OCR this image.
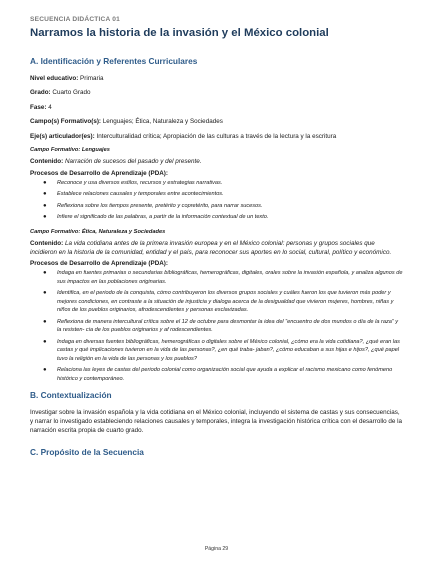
SECUENCIA DIDÁCTICA 01
Narramos la historia de la invasión y el México colonial
A. Identificación y Referentes Curriculares
Nivel educativo: Primaria
Grado: Cuarto Grado
Fase: 4
Campo(s) Formativo(s): Lenguajes; Ética, Naturaleza y Sociedades
Eje(s) articulador(es): Interculturalidad crítica; Apropiación de las culturas a través de la lectura y la escritura
Campo Formativo: Lenguajes
Contenido: Narración de sucesos del pasado y del presente.
Procesos de Desarrollo de Aprendizaje (PDA):
● Reconoce y usa diversos estilos, recursos y estrategias narrativas.
● Establece relaciones causales y temporales entre acontecimientos.
● Reflexiona sobre los tiempos presente, pretérito y copretérito, para narrar sucesos.
● Infiere el significado de las palabras, a partir de la información contextual de un texto.
Campo Formativo: Ética, Naturaleza y Sociedades
Contenido: La vida cotidiana antes de la primera invasión europea y en el México colonial: personas y grupos sociales que incidieron en la historia de la comunidad, entidad y el país, para reconocer sus aportes en lo social, cultural, político y económico.
Procesos de Desarrollo de Aprendizaje (PDA):
● Indaga en fuentes primarias o secundarias bibliográficas, hemerográficas, digitales, orales sobre la invasión española, y analiza algunos de sus impactos en las poblaciones originarias.
● Identifica, en el periodo de la conquista, cómo contribuyeron los diversos grupos sociales y cuáles fueron los que tuvieron más poder y mejores condiciones, en contraste a la situación de injusticia y dialoga acerca de la desigualdad que vivieron mujeres, hombres, niñas y niños de los pueblos originarios, afrodescendientes y personas esclavizadas.
● Reflexiona de manera intercultural crítica sobre el 12 de octubre para desmontar la idea del “encuentro de dos mundos o día de la raza” y la resisten- cia de los pueblos originarios y af rodescendientes.
● Indaga en diversas fuentes bibliográficas, hemerográficas o digitales sobre el México colonial, ¿cómo era la vida cotidiana?, ¿qué eran las castas y qué implicaciones tuvieron en la vida de las personas?, ¿en qué traba- jaban?, ¿cómo educaban a sus hijas e hijos?, ¿qué papel tuvo la religión en la vida de las personas y los pueblos?
● Relaciona las leyes de castas del periodo colonial como organización social que ayuda a explicar el racismo mexicano como fenómeno histórico y contemporáneo.
B. Contextualización
Investigar sobre la invasión española y la vida cotidiana en el México colonial, incluyendo el sistema de castas y sus consecuencias, y narrar lo investigado estableciendo relaciones causales y temporales, integra la investigación histórica crítica con el desarrollo de la narración escrita propia de cuarto grado.
C. Propósito de la Secuencia
Página 29
